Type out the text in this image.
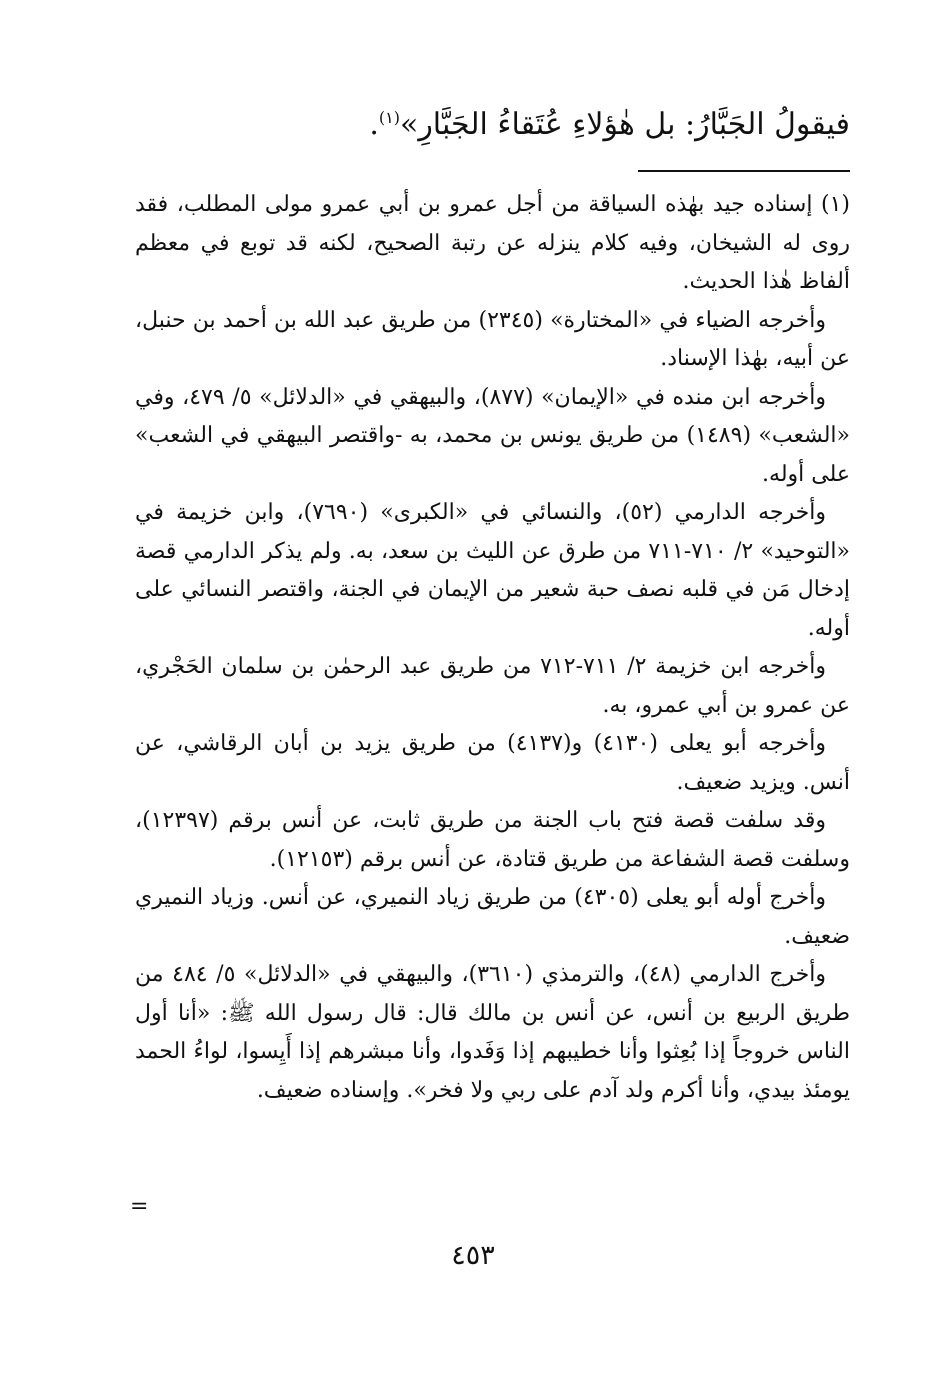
فيقولُ الجَبَّارُ: بل هٰؤلاءِ عُتَقاءُ الجَبَّارِ»$^{(١)}$.

(١) إسناده جيد بهٰذه السياقة من أجل عمرو بن أبي عمرو مولى المطلب، فقد روى له الشيخان، وفيه كلام ينزله عن رتبة الصحيح، لكنه قد توبع في معظم ألفاظ هٰذا الحديث.

وأخرجه الضياء في «المختارة» (٢٣٤٥) من طريق عبد الله بن أحمد بن حنبل، عن أبيه، بهٰذا الإسناد.

وأخرجه ابن منده في «الإيمان» (٨٧٧)، والبيهقي في «الدلائل» ٥/ ٤٧٩، وفي «الشعب» (١٤٨٩) من طريق يونس بن محمد، به -واقتصر البيهقي في الشعب» على أوله.

وأخرجه الدارمي (٥٢)، والنسائي في «الكبرى» (٧٦٩٠)، وابن خزيمة في «التوحيد» ٢/ ٧١٠-٧١١ من طرق عن الليث بن سعد، به. ولم يذكر الدارمي قصة إدخال مَن في قلبه نصف حبة شعير من الإيمان في الجنة، واقتصر النسائي على أوله.

وأخرجه ابن خزيمة ٢/ ٧١١-٧١٢ من طريق عبد الرحمٰن بن سلمان الحَجْري، عن عمرو بن أبي عمرو، به.

وأخرجه أبو يعلى (٤١٣٠) و(٤١٣٧) من طريق يزيد بن أبان الرقاشي، عن أنس. ويزيد ضعيف.

وقد سلفت قصة فتح باب الجنة من طريق ثابت، عن أنس برقم (١٢٣٩٧)، وسلفت قصة الشفاعة من طريق قتادة، عن أنس برقم (١٢١٥٣).

وأخرج أوله أبو يعلى (٤٣٠٥) من طريق زياد النميري، عن أنس. وزياد النميري ضعيف.

وأخرج الدارمي (٤٨)، والترمذي (٣٦١٠)، والبيهقي في «الدلائل» ٥/ ٤٨٤ من طريق الربيع بن أنس، عن أنس بن مالك قال: قال رسول الله ﷺ: «أنا أول الناس خروجاً إذا بُعِثوا وأنا خطيبهم إذا وَفَدوا، وأنا مبشرهم إذا أَيِسوا، لواءُ الحمد يومئذ بيدي، وأنا أكرم ولد آدم على ربي ولا فخر». وإسناده ضعيف.

=
٤٥٣
